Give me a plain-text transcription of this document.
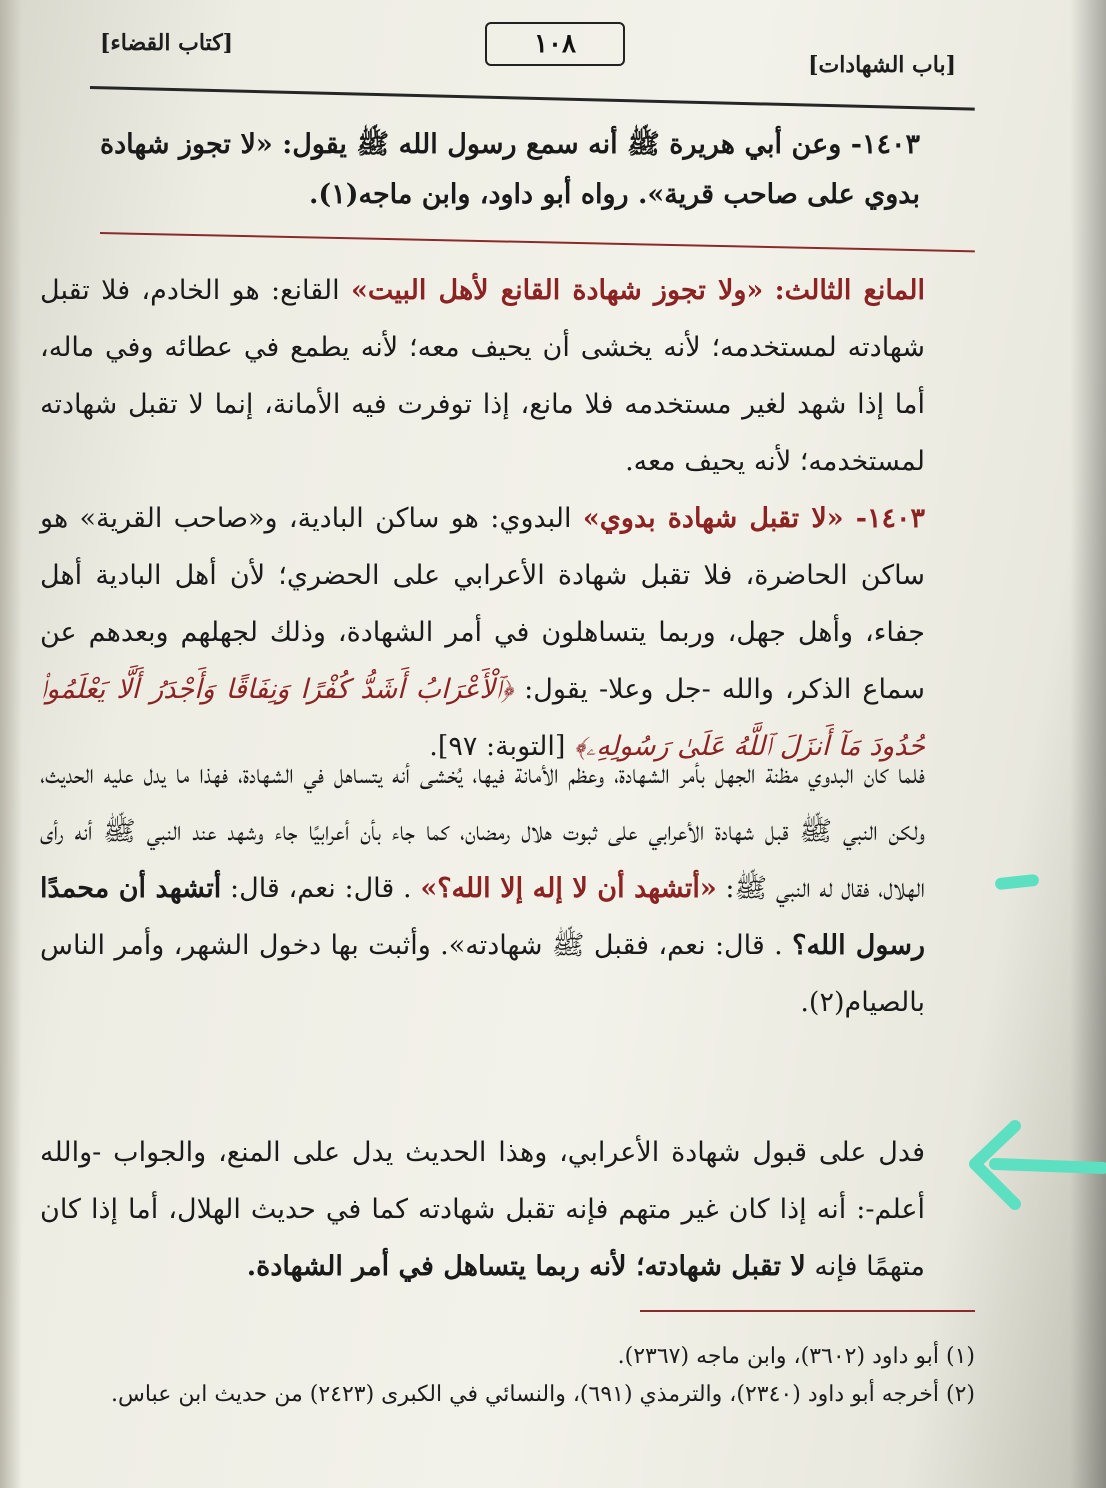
[كتاب القضاء]	١٠٨
[باب الشهادات]
١٤٠٣- وعن أبي هريرة ﷺ أنه سمع رسول الله ﷺ يقول: «لا تجوز شهادة بدوي على صاحب قرية». رواه أبو داود، وابن ماجه(١).
المانع الثالث: «ولا تجوز شهادة القانع لأهل البيت» القانع: هو الخادم، فلا تقبل شهادته لمستخدمه؛ لأنه يخشى أن يحيف معه؛ لأنه يطمع في عطائه وفي ماله، أما إذا شهد لغير مستخدمه فلا مانع، إذا توفرت فيه الأمانة، إنما لا تقبل شهادته لمستخدمه؛ لأنه يحيف معه.
١٤٠٣- «لا تقبل شهادة بدوي» البدوي: هو ساكن البادية، و«صاحب القرية» هو ساكن الحاضرة، فلا تقبل شهادة الأعرابي على الحضري؛ لأن أهل البادية أهل جفاء، وأهل جهل، وربما يتساهلون في أمر الشهادة، وذلك لجهلهم وبعدهم عن سماع الذكر، والله -جل وعلا- يقول: ﴿ٱلْأَعْرَابُ أَشَدُّ كُفْرًا وَنِفَاقًا وَأَجْدَرُ أَلَّا يَعْلَمُوا۟ حُدُودَ مَآ أَنزَلَ ٱللَّهُ عَلَىٰ رَسُولِهِۦ﴾ [التوبة: ٩٧].
فلما كان البدوي مظنة الجهل بأمر الشهادة، وعظم الأمانة فيها، يُخشى أنه يتساهل في الشهادة، فهذا ما يدل عليه الحديث، ولكن النبي ﷺ قبل شهادة الأعرابي على ثبوت هلال رمضان، كما جاء بأن أعرابيًا جاء وشهد عند النبي ﷺ أنه رأى الهلال، فقال له النبي ﷺ: «أتشهد أن لا إله إلا الله؟» . قال: نعم، قال: أتشهد أن محمدًا رسول الله؟ . قال: نعم، فقبل ﷺ شهادته». وأثبت بها دخول الشهر، وأمر الناس بالصيام(٢).
فدل على قبول شهادة الأعرابي، وهذا الحديث يدل على المنع، والجواب -والله أعلم-: أنه إذا كان غير متهم فإنه تقبل شهادته كما في حديث الهلال، أما إذا كان متهمًا فإنه لا تقبل شهادته؛ لأنه ربما يتساهل في أمر الشهادة.
(١) أبو داود (٣٦٠٢)، وابن ماجه (٢٣٦٧).
(٢) أخرجه أبو داود (٢٣٤٠)، والترمذي (٦٩١)، والنسائي في الكبرى (٢٤٢٣) من حديث ابن عباس.
